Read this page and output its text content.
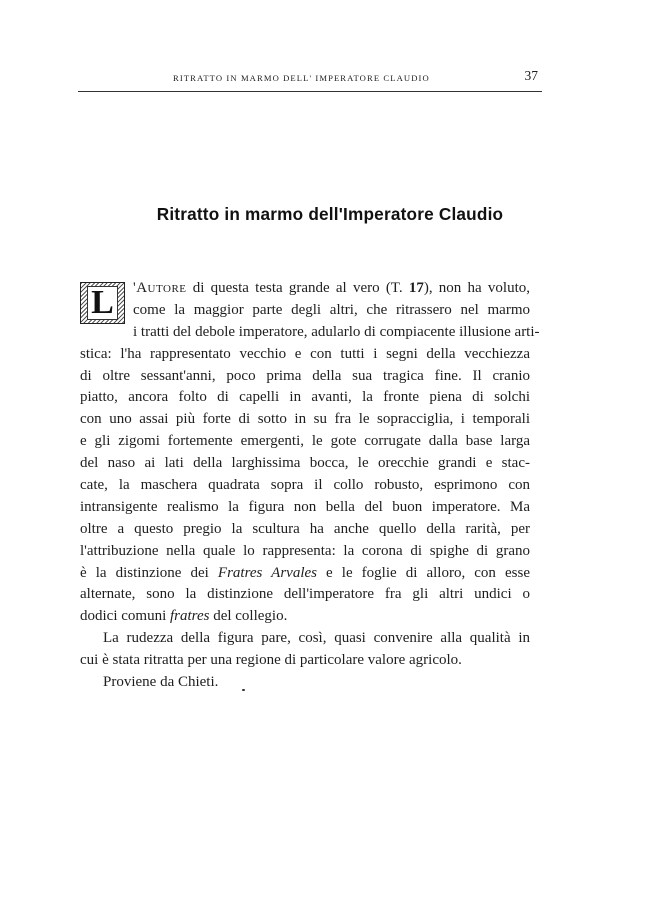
RITRATTO IN MARMO DELL' IMPERATORE CLAUDIO	37
Ritratto in marmo dell'Imperatore Claudio
L	'Autore di questa testa grande al vero (T. 17), non ha voluto,
come la maggior parte degli altri, che ritrassero nel marmo
i tratti del debole imperatore, adularlo di compiacente illusione arti-
stica: l'ha rappresentato vecchio e con tutti i segni della vecchiezza
di oltre sessant'anni, poco prima della sua tragica fine. Il cranio
piatto, ancora folto di capelli in avanti, la fronte piena di solchi
con uno assai più forte di sotto in su fra le sopracciglia, i temporali
e gli zigomi fortemente emergenti, le gote corrugate dalla base larga
del naso ai lati della larghissima bocca, le orecchie grandi e stac-
cate, la maschera quadrata sopra il collo robusto, esprimono con
intransigente realismo la figura non bella del buon imperatore. Ma
oltre a questo pregio la scultura ha anche quello della rarità, per
l'attribuzione nella quale lo rappresenta: la corona di spighe di grano
è la distinzione dei Fratres Arvales e le foglie di alloro, con esse
alternate, sono la distinzione dell'imperatore fra gli altri undici o
dodici comuni fratres del collegio.
La rudezza della figura pare, così, quasi convenire alla qualità in
cui è stata ritratta per una regione di particolare valore agricolo.
Proviene da Chieti.
